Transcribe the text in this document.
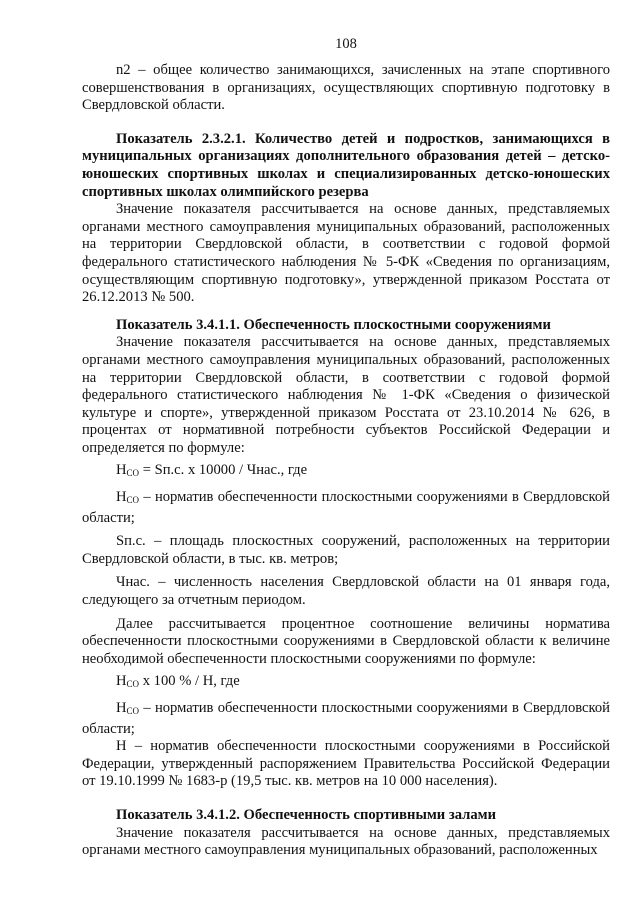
108

n2 – общее количество занимающихся, зачисленных на этапе спортивного совершенствования в организациях, осуществляющих спортивную подготовку в Свердловской области.

Показатель 2.3.2.1. Количество детей и подростков, занимающихся в муниципальных организациях дополнительного образования детей – детско-юношеских спортивных школах и специализированных детско-юношеских спортивных школах олимпийского резерва

Значение показателя рассчитывается на основе данных, представляемых органами местного самоуправления муниципальных образований, расположенных на территории Свердловской области, в соответствии с годовой формой федерального статистического наблюдения № 5-ФК «Сведения по организациям, осуществляющим спортивную подготовку», утвержденной приказом Росстата от 26.12.2013 № 500.

Показатель 3.4.1.1. Обеспеченность плоскостными сооружениями

Значение показателя рассчитывается на основе данных, представляемых органами местного самоуправления муниципальных образований, расположенных на территории Свердловской области, в соответствии с годовой формой федерального статистического наблюдения № 1-ФК «Сведения о физической культуре и спорте», утвержденной приказом Росстата от 23.10.2014 № 626, в процентах от нормативной потребности субъектов Российской Федерации и определяется по формуле:

$Н_{СО} = Sп.с$. х 10000 / Чнас., где

$Н_{СО}$ – норматив обеспеченности плоскостными сооружениями в Свердловской области;

Sп.с. – площадь плоскостных сооружений, расположенных на территории Свердловской области, в тыс. кв. метров;

Чнас. – численность населения Свердловской области на 01 января года, следующего за отчетным периодом.

Далее рассчитывается процентное соотношение величины норматива обеспеченности плоскостными сооружениями в Свердловской области к величине необходимой обеспеченности плоскостными сооружениями по формуле:

$Н_{СО}$ х 100 % / Н, где

$Н_{СО}$ – норматив обеспеченности плоскостными сооружениями в Свердловской области;

Н – норматив обеспеченности плоскостными сооружениями в Российской Федерации, утвержденный распоряжением Правительства Российской Федерации от 19.10.1999 № 1683-р (19,5 тыс. кв. метров на 10 000 населения).

Показатель 3.4.1.2. Обеспеченность спортивными залами

Значение показателя рассчитывается на основе данных, представляемых органами местного самоуправления муниципальных образований, расположенных
